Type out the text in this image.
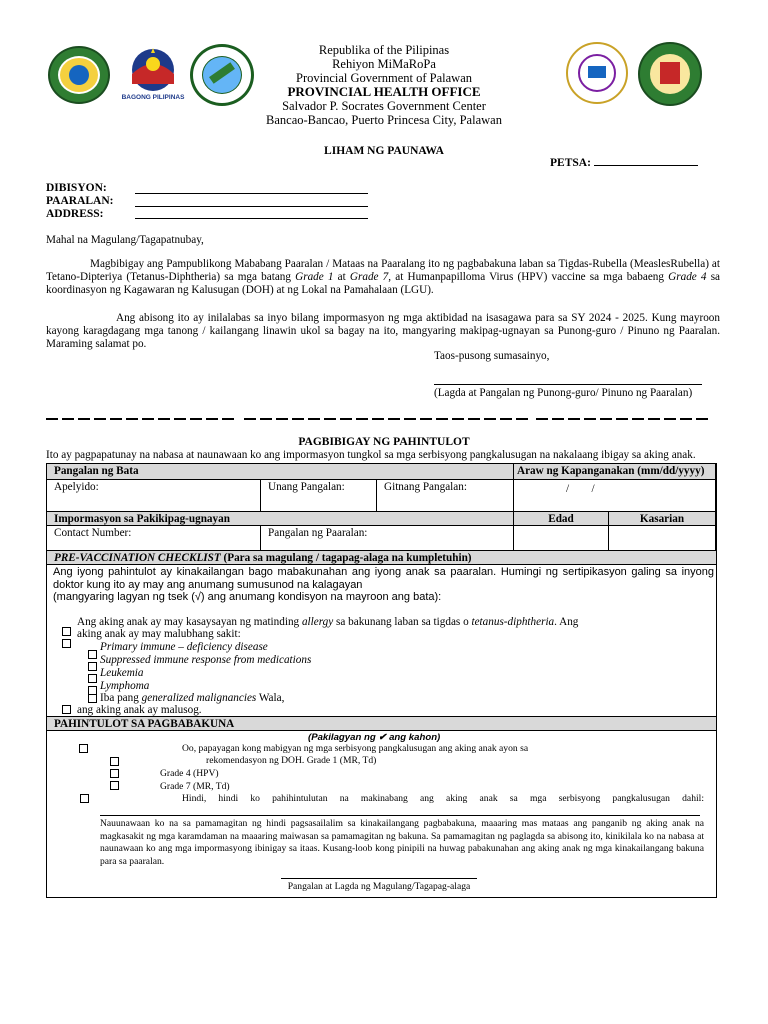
BAGONG PILIPINAS
Republika of the Pilipinas
Rehiyon MiMaRoPa
Provincial Government of Palawan
PROVINCIAL HEALTH OFFICE
Salvador P. Socrates Government Center
Bancao-Bancao, Puerto Princesa City, Palawan
LIHAM NG PAUNAWA
PETSA:
DIBISYON:
PAARALAN:
ADDRESS:
Mahal na Magulang/Tagapatnubay,
Magbibigay ang Pampublikong Mababang Paaralan / Mataas na Paaralang ito ng pagbabakuna laban sa Tigdas-Rubella (MeaslesRubella) at Tetano-Dipteriya (Tetanus-Diphtheria) sa mga batang Grade 1 at Grade 7, at Humanpapilloma Virus (HPV) vaccine sa mga babaeng Grade 4 sa koordinasyon ng Kagawaran ng Kalusugan (DOH) at ng Lokal na Pamahalaan (LGU).
Ang abisong ito ay inilalabas sa inyo bilang impormasyon ng mga aktibidad na isasagawa para sa SY 2024 - 2025. Kung mayroon kayong karagdagang mga tanong / kailangang linawin ukol sa bagay na ito, mangyaring makipag-ugnayan sa Punong-guro / Pinuno ng Paaralan. Maraming salamat po.
Taos-pusong sumasainyo,
(Lagda at Pangalan ng Punong-guro/ Pinuno ng Paaralan)
PAGBIBIGAY NG PAHINTULOT
Ito ay pagpapatunay na nabasa at naunawaan ko ang impormasyon tungkol sa mga serbisyong pangkalusugan na nakalaang ibigay sa aking anak.
Pangalan ng Bata	Araw ng Kapanganakan (mm/dd/yyyy)
Apelyido:	Unang Pangalan:	Gitnang Pangalan:	/        /
Impormasyon sa Pakikipag-ugnayan	Edad	Kasarian
Contact Number:	Pangalan ng Paaralan:
PRE-VACCINATION CHECKLIST (Para sa magulang / tagapag-alaga na kumpletuhin)
Ang iyong pahintulot ay kinakailangan bago mabakunahan ang iyong anak sa paaralan. Humingi ng sertipikasyon galing sa inyong doktor kung ito ay may ang anumang sumusunod na kalagayan
(mangyaring lagyan ng tsek (√) ang anumang kondisyon na mayroon ang bata):
Ang aking anak ay may kasaysayan ng matinding allergy sa bakunang laban sa tigdas o tetanus-diphtheria. Ang
aking anak ay may malubhang sakit:
Primary immune – deficiency disease
Suppressed immune response from medications
Leukemia
Lymphoma
Iba pang generalized malignancies Wala,
ang aking anak ay malusog.
PAHINTULOT SA PAGBABAKUNA
(Pakilagyan ng ✔ ang kahon)
Oo, papayagan kong mabigyan ng mga serbisyong pangkalusugan ang aking anak ayon sa
rekomendasyon ng DOH. Grade 1 (MR, Td)
Grade 4 (HPV)
Grade 7 (MR, Td)
Hindi, hindi ko pahihintulutan na makinabang ang aking anak sa mga serbisyong pangkalusugan dahil:
Nauunawaan ko na sa pamamagitan ng hindi pagsasailalim sa kinakailangang pagbabakuna, maaaring mas mataas ang panganib ng aking anak na magkasakit ng mga karamdaman na maaaring maiwasan sa pamamagitan ng bakuna. Sa pamamagitan ng paglagda sa abisong ito, kinikilala ko na nabasa at naunawaan ko ang mga impormasyong ibinigay sa itaas. Kusang-loob kong pinipili na huwag pabakunahan ang aking anak ng mga kinakailangang bakuna para sa paaralan.
Pangalan at Lagda ng Magulang/Tagapag-alaga
